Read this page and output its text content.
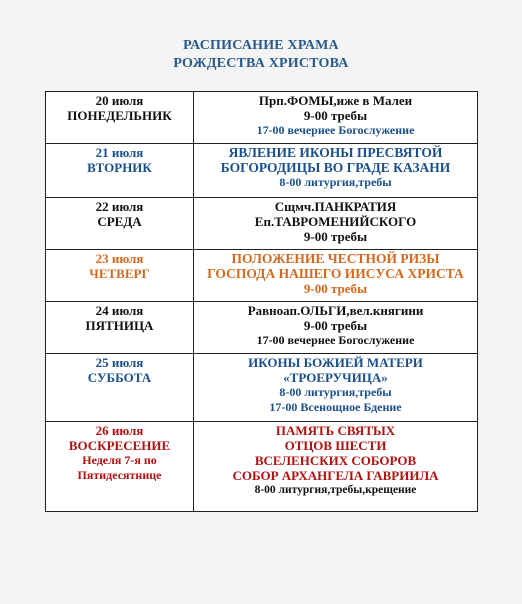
РАСПИСАНИЕ ХРАМА
РОЖДЕСТВА ХРИСТОВА
20 июля
ПОНЕДЕЛЬНИК	Прп.ФОМЫ,иже в Малеи
9-00 требы
17-00 вечернее Богослужение

21 июля
ВТОРНИК	ЯВЛЕНИЕ ИКОНЫ ПРЕСВЯТОЙ
БОГОРОДИЦЫ ВО ГРАДЕ КАЗАНИ
8-00 литургия,требы

22 июля
СРЕДА	Сщмч.ПАНКРАТИЯ
Еп.ТАВРОМЕНИЙСКОГО
9-00 требы

23 июля
ЧЕТВЕРГ	ПОЛОЖЕНИЕ ЧЕСТНОЙ РИЗЫ
ГОСПОДА НАШЕГО ИИСУСА ХРИСТА
9-00 требы

24 июля
ПЯТНИЦА	Равноап.ОЛЬГИ,вел.княгини
9-00 требы
17-00 вечернее Богослужение

25 июля
СУББОТА	ИКОНЫ БОЖИЕЙ МАТЕРИ
«ТРОЕРУЧИЦА»
8-00 литургия,требы
17-00 Всенощное Бдение

26 июля
ВОСКРЕСЕНИЕ
Неделя 7-я по
Пятидесятнице	ПАМЯТЬ СВЯТЫХ
ОТЦОВ ШЕСТИ
ВСЕЛЕНСКИХ СОБОРОВ
СОБОР АРХАНГЕЛА ГАВРИИЛА
8-00 литургия,требы,крещение
